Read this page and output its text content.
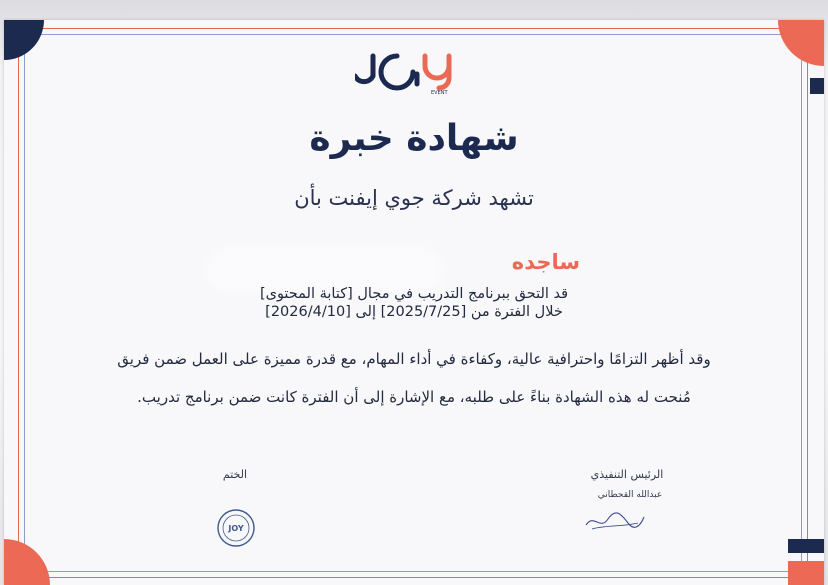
EVENT
شهادة خبرة
تشهد شركة جوي إيفنت بأن
ساجده
قد التحق ببرنامج التدريب في مجال [كتابة المحتوى]
خلال الفترة من [2025/7/25] إلى [2026/4/10]
وقد أظهر التزامًا واحترافية عالية، وكفاءة في أداء المهام، مع قدرة مميزة على العمل ضمن فريق
مُنحت له هذه الشهادة بناءً على طلبه، مع الإشارة إلى أن الفترة كانت ضمن برنامج تدريب.
الرئيس التنفيذي
عبدالله القحطاني
الختم
JOY
